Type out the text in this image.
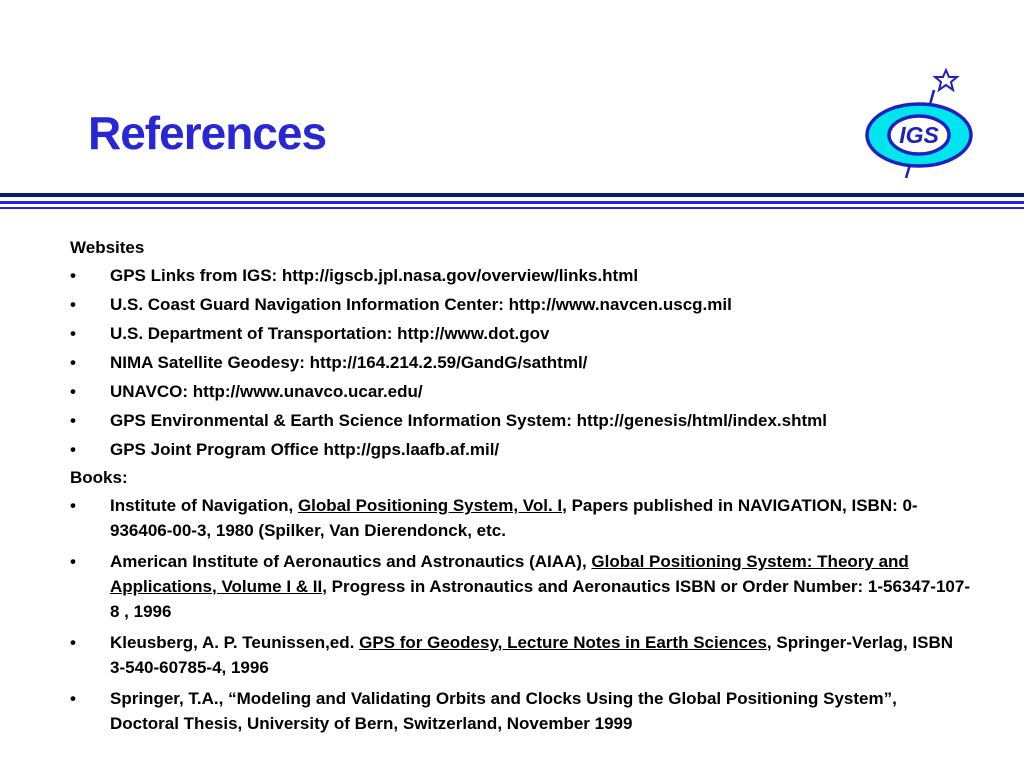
References	IGS
Websites
• GPS Links from IGS: http://igscb.jpl.nasa.gov/overview/links.html
• U.S. Coast Guard Navigation Information Center: http://www.navcen.uscg.mil
• U.S. Department of Transportation: http://www.dot.gov
• NIMA Satellite Geodesy: http://164.214.2.59/GandG/sathtml/
• UNAVCO: http://www.unavco.ucar.edu/
• GPS Environmental & Earth Science Information System: http://genesis/html/index.shtml
• GPS Joint Program Office http://gps.laafb.af.mil/
Books:
• Institute of Navigation, Global Positioning System, Vol. I, Papers published in NAVIGATION, ISBN: 0-936406-00-3, 1980 (Spilker, Van Dierendonck, etc.
• American Institute of Aeronautics and Astronautics (AIAA), Global Positioning System: Theory and Applications, Volume I & II, Progress in Astronautics and Aeronautics ISBN or Order Number: 1-56347-107-8 , 1996
• Kleusberg, A. P. Teunissen,ed. GPS for Geodesy, Lecture Notes in Earth Sciences, Springer-Verlag, ISBN 3-540-60785-4, 1996
• Springer, T.A., “Modeling and Validating Orbits and Clocks Using the Global Positioning System”, Doctoral Thesis, University of Bern, Switzerland, November 1999
